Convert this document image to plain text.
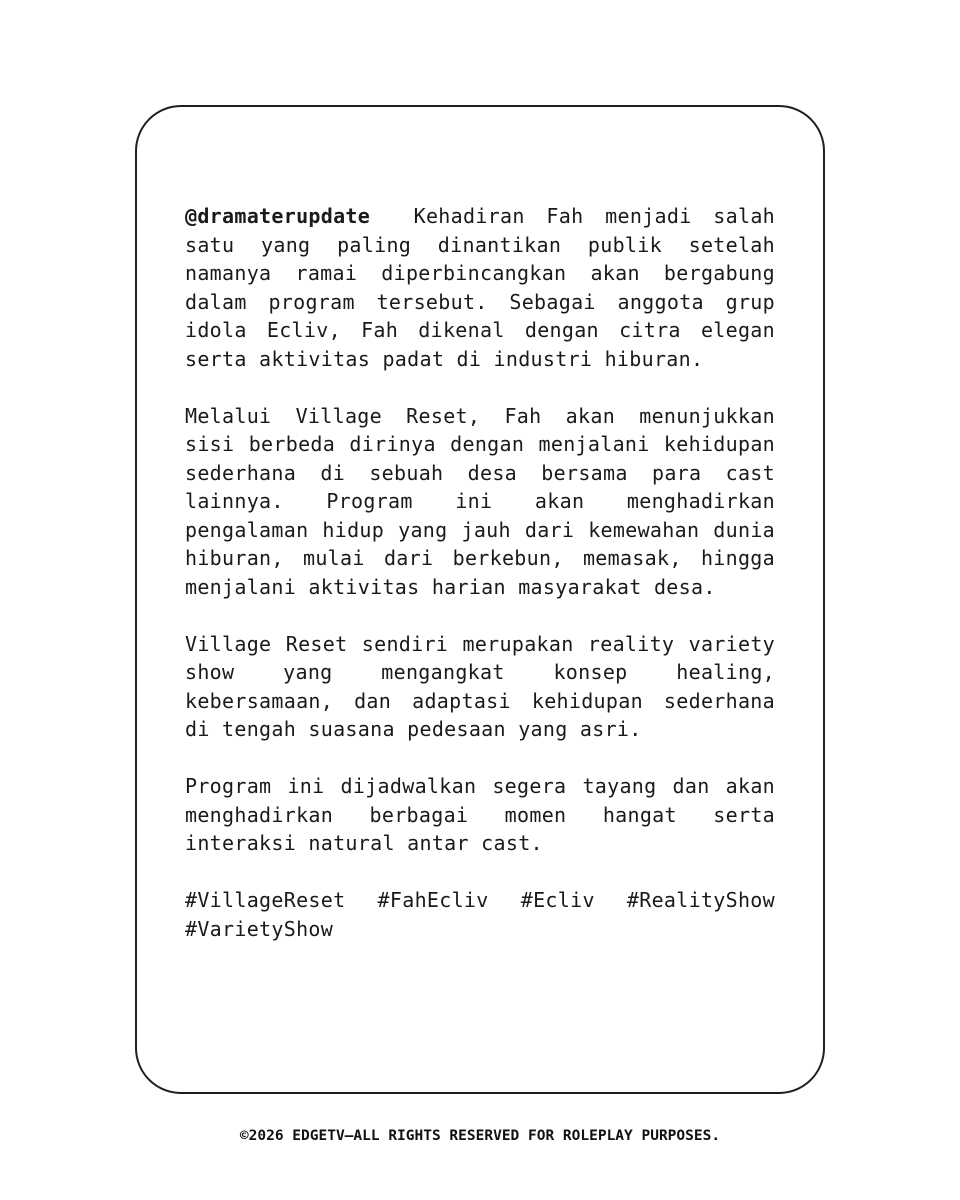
@dramaterupdate Kehadiran Fah menjadi salah satu yang paling dinantikan publik setelah namanya ramai diperbincangkan akan bergabung dalam program tersebut. Sebagai anggota grup idola Ecliv, Fah dikenal dengan citra elegan serta aktivitas padat di industri hiburan.

Melalui Village Reset, Fah akan menunjukkan sisi berbeda dirinya dengan menjalani kehidupan sederhana di sebuah desa bersama para cast lainnya. Program ini akan menghadirkan pengalaman hidup yang jauh dari kemewahan dunia hiburan, mulai dari berkebun, memasak, hingga menjalani aktivitas harian masyarakat desa.

Village Reset sendiri merupakan reality variety show yang mengangkat konsep healing, kebersamaan, dan adaptasi kehidupan sederhana di tengah suasana pedesaan yang asri.

Program ini dijadwalkan segera tayang dan akan menghadirkan berbagai momen hangat serta interaksi natural antar cast.

#VillageReset #FahEcliv #Ecliv #RealityShow
#VarietyShow
©2026 EDGETV—ALL RIGHTS RESERVED FOR ROLEPLAY PURPOSES.
